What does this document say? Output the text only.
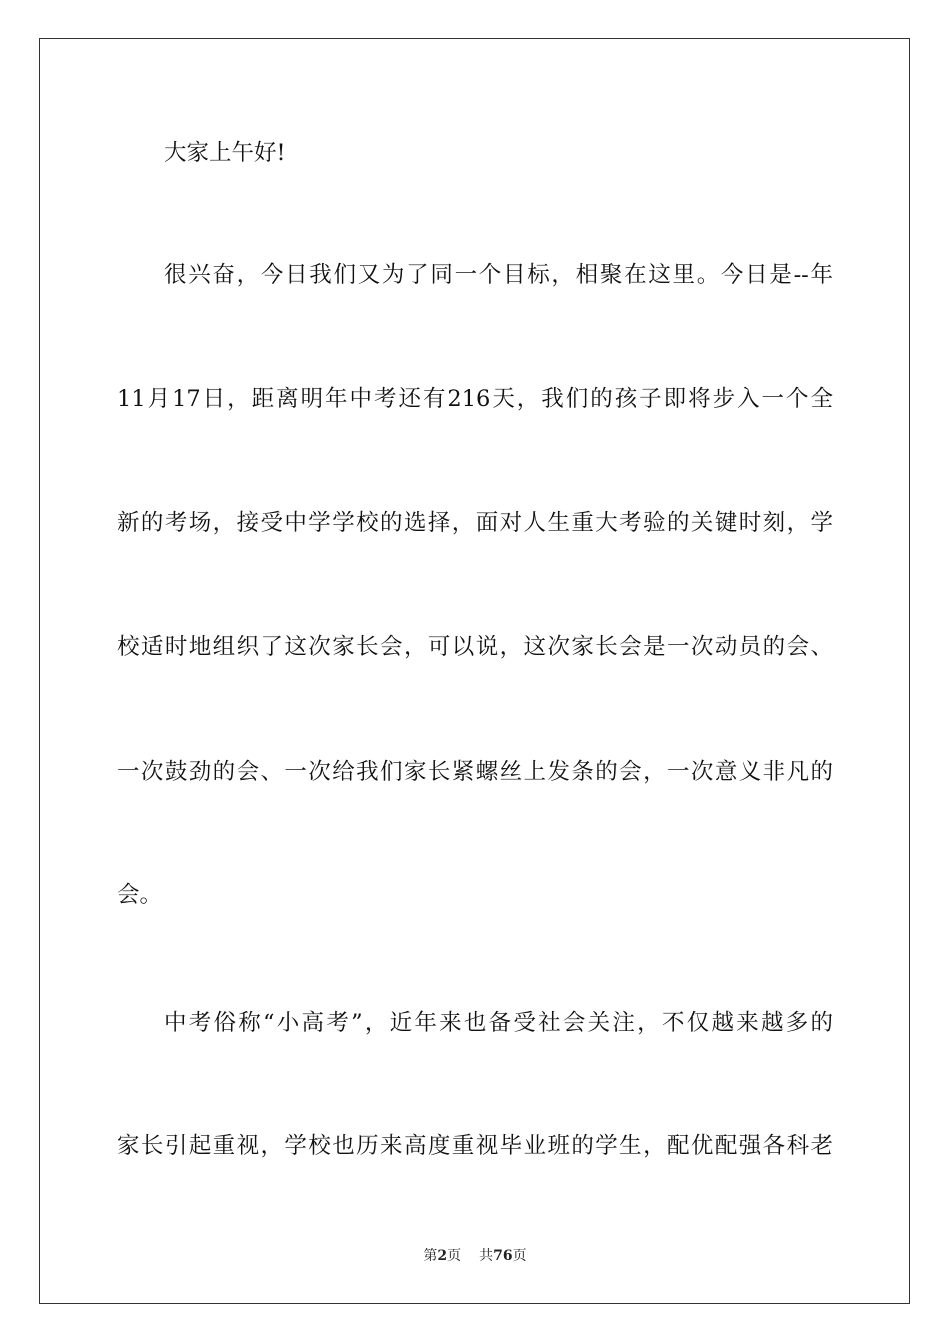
大家上午好!
很兴奋，今日我们又为了同一个目标，相聚在这里。今日是--年
11月17日，距离明年中考还有216天，我们的孩子即将步入一个全
新的考场，接受中学学校的选择，面对人生重大考验的关键时刻，学
校适时地组织了这次家长会，可以说，这次家长会是一次动员的会、
一次鼓劲的会、一次给我们家长紧螺丝上发条的会，一次意义非凡的
会。
中考俗称“小高考”，近年来也备受社会关注，不仅越来越多的
家长引起重视，学校也历来高度重视毕业班的学生，配优配强各科老
第2页 共76页
